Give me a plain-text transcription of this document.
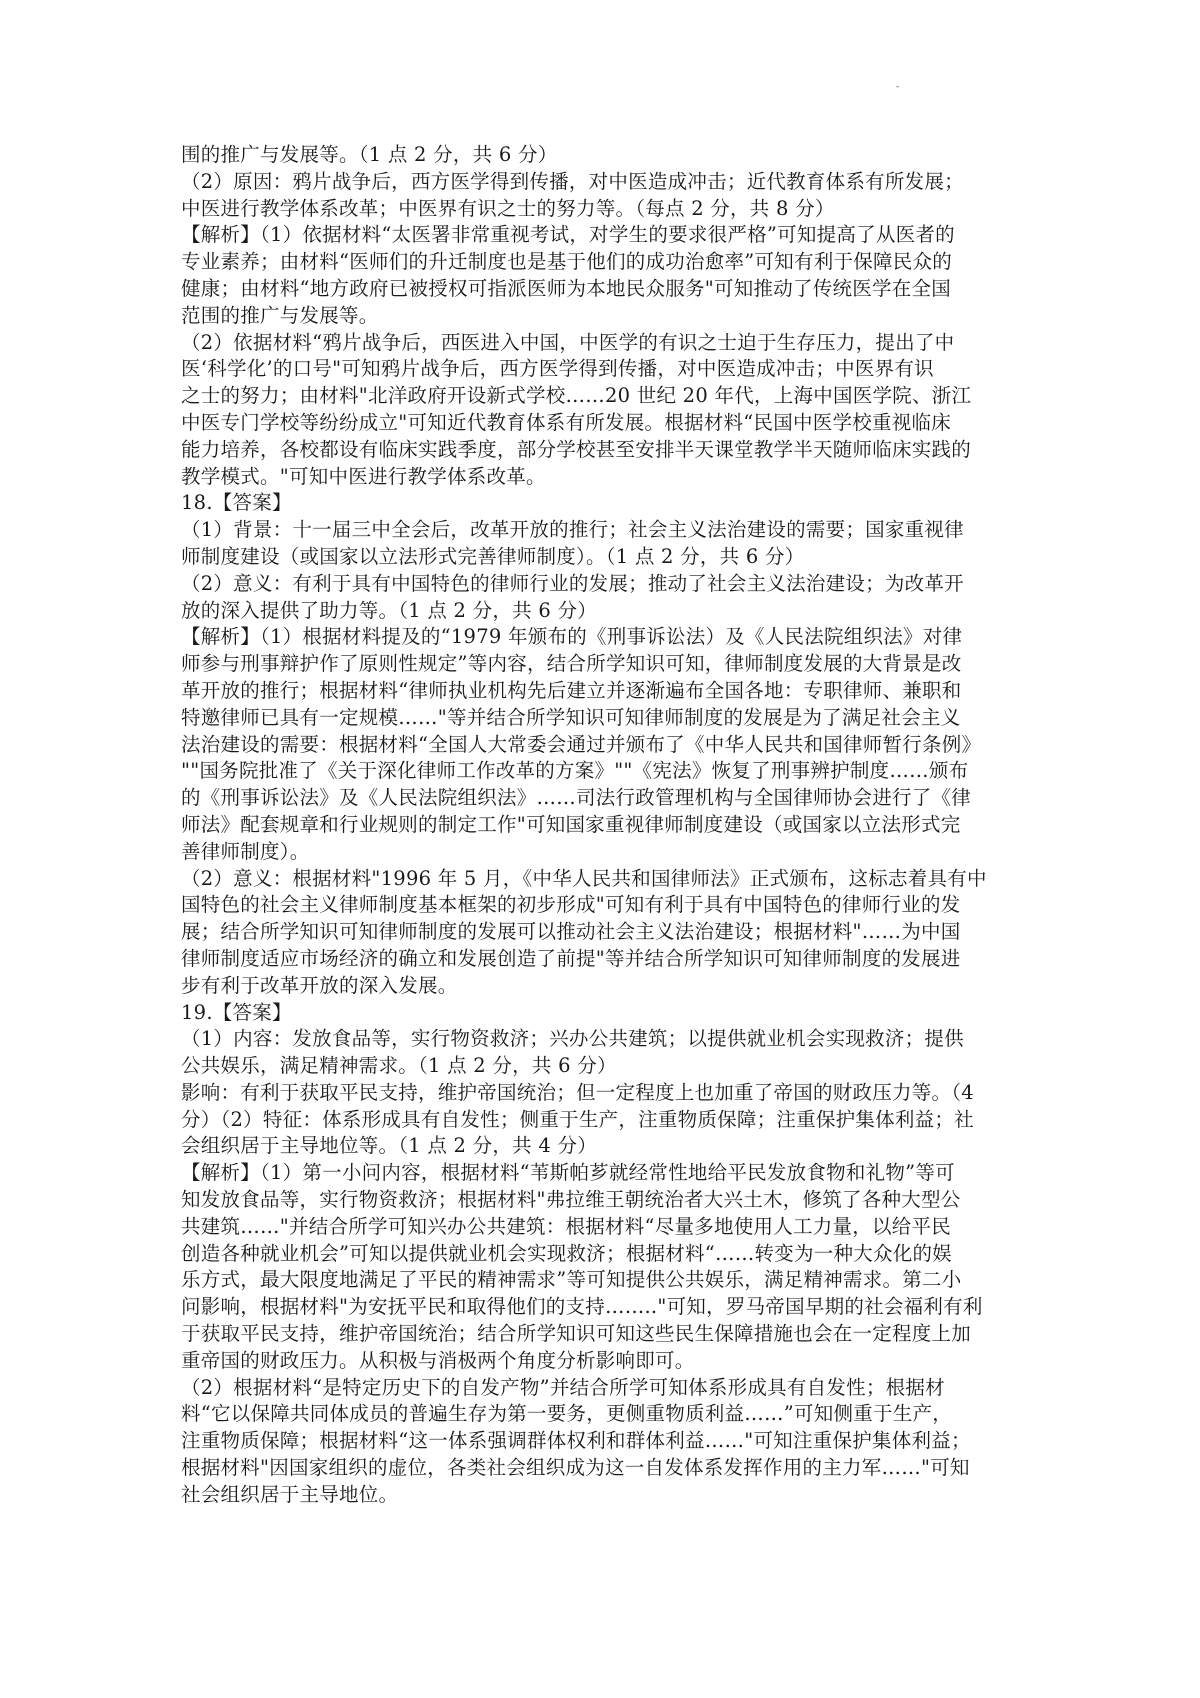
-
围的推广与发展等。（1 点 2 分，共 6 分）
（2）原因：鸦片战争后，西方医学得到传播，对中医造成冲击；近代教育体系有所发展；
中医进行教学体系改革；中医界有识之士的努力等。（每点 2 分，共 8 分）
【解析】（1）依据材料“太医署非常重视考试，对学生的要求很严格”可知提高了从医者的
专业素养；由材料“医师们的升迁制度也是基于他们的成功治愈率”可知有利于保障民众的
健康；由材料“地方政府已被授权可指派医师为本地民众服务"可知推动了传统医学在全国
范围的推广与发展等。
（2）依据材料“鸦片战争后，西医进入中国，中医学的有识之士迫于生存压力，提出了中
医‘科学化’的口号"可知鸦片战争后，西方医学得到传播，对中医造成冲击；中医界有识
之士的努力；由材料"北洋政府开设新式学校……20 世纪 20 年代，上海中国医学院、浙江
中医专门学校等纷纷成立"可知近代教育体系有所发展。根据材料“民国中医学校重视临床
能力培养，各校都设有临床实践季度，部分学校甚至安排半天课堂教学半天随师临床实践的
教学模式。"可知中医进行教学体系改革。
18.【答案】
（1）背景：十一届三中全会后，改革开放的推行；社会主义法治建设的需要；国家重视律
师制度建设（或国家以立法形式完善律师制度）。（1 点 2 分，共 6 分）
（2）意义：有利于具有中国特色的律师行业的发展；推动了社会主义法治建设；为改革开
放的深入提供了助力等。（1 点 2 分，共 6 分）
【解析】（1）根据材料提及的“1979 年颁布的《刑事诉讼法）及《人民法院组织法》对律
师参与刑事辩护作了原则性规定”等内容，结合所学知识可知，律师制度发展的大背景是改
革开放的推行；根据材料“律师执业机构先后建立并逐渐遍布全国各地：专职律师、兼职和
特邀律师已具有一定规模……"等并结合所学知识可知律师制度的发展是为了满足社会主义
法治建设的需要：根据材料“全国人大常委会通过并颁布了《中华人民共和国律师暂行条例》
""国务院批准了《关于深化律师工作改革的方案》""《宪法》恢复了刑事辨护制度……颁布
的《刑事诉讼法》及《人民法院组织法》……司法行政管理机构与全国律师协会进行了《律
师法》配套规章和行业规则的制定工作"可知国家重视律师制度建设（或国家以立法形式完
善律师制度）。
（2）意义：根据材料"1996 年 5 月，《中华人民共和国律师法》正式颁布，这标志着具有中
国特色的社会主义律师制度基本框架的初步形成"可知有利于具有中国特色的律师行业的发
展；结合所学知识可知律师制度的发展可以推动社会主义法治建设；根据材料"……为中国
律师制度适应市场经济的确立和发展创造了前提"等并结合所学知识可知律师制度的发展进
步有利于改革开放的深入发展。
19.【答案】
（1）内容：发放食品等，实行物资救济；兴办公共建筑；以提供就业机会实现救济；提供
公共娱乐，满足精神需求。（1 点 2 分，共 6 分）
影响：有利于获取平民支持，维护帝国统治；但一定程度上也加重了帝国的财政压力等。（4
分）（2）特征：体系形成具有自发性；侧重于生产，注重物质保障；注重保护集体利益；社
会组织居于主导地位等。（1 点 2 分，共 4 分）
【解析】（1）第一小问内容，根据材料“苇斯帕芗就经常性地给平民发放食物和礼物”等可
知发放食品等，实行物资救济；根据材料"弗拉维王朝统治者大兴土木，修筑了各种大型公
共建筑……"并结合所学可知兴办公共建筑：根据材料“尽量多地使用人工力量，以给平民
创造各种就业机会”可知以提供就业机会实现救济；根据材料“……转变为一种大众化的娱
乐方式，最大限度地满足了平民的精神需求”等可知提供公共娱乐，满足精神需求。第二小
问影响，根据材料"为安抚平民和取得他们的支持…….."可知，罗马帝国早期的社会福利有利
于获取平民支持，维护帝国统治；结合所学知识可知这些民生保障措施也会在一定程度上加
重帝国的财政压力。从积极与消极两个角度分析影响即可。
（2）根据材料“是特定历史下的自发产物”并结合所学可知体系形成具有自发性；根据材
料“它以保障共同体成员的普遍生存为第一要务，更侧重物质利益……”可知侧重于生产，
注重物质保障；根据材料“这一体系强调群体权利和群体利益……"可知注重保护集体利益；
根据材料"因国家组织的虚位，各类社会组织成为这一自发体系发挥作用的主力军……"可知
社会组织居于主导地位。
